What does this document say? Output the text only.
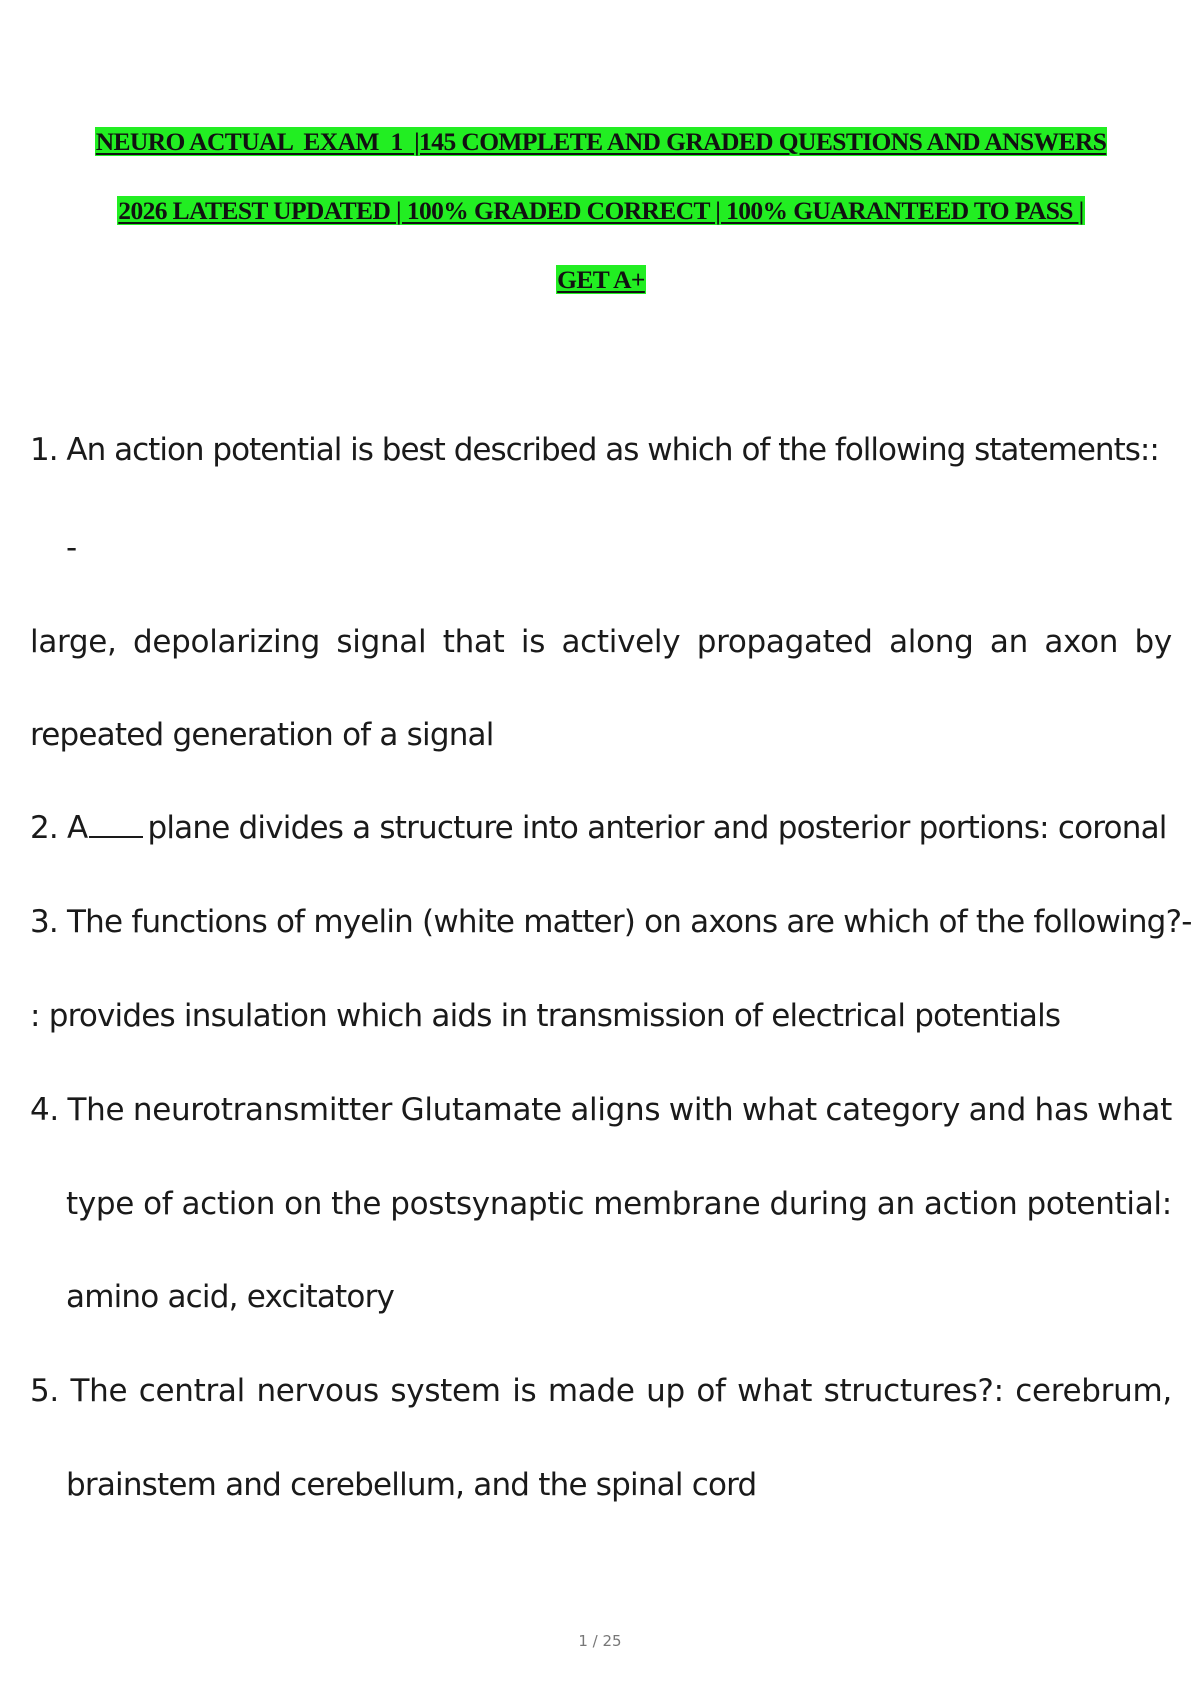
NEURO ACTUAL  EXAM  1  |145 COMPLETE AND GRADED QUESTIONS AND ANSWERS
2026 LATEST UPDATED | 100% GRADED CORRECT | 100% GUARANTEED TO PASS |
GET A+
1. An action potential is best described as which of the following statements::
-
large, depolarizing signal that is actively propagated along an axon by
repeated generation of a signal
2. A plane divides a structure into anterior and posterior portions: coronal
3. The functions of myelin (white matter) on axons are which of the following?-
: provides insulation which aids in transmission of electrical potentials
4. The neurotransmitter Glutamate aligns with what category and has what
type of action on the postsynaptic membrane during an action potential:
amino acid, excitatory
5. The central nervous system is made up of what structures?: cerebrum,
brainstem and cerebellum, and the spinal cord
1 / 25
